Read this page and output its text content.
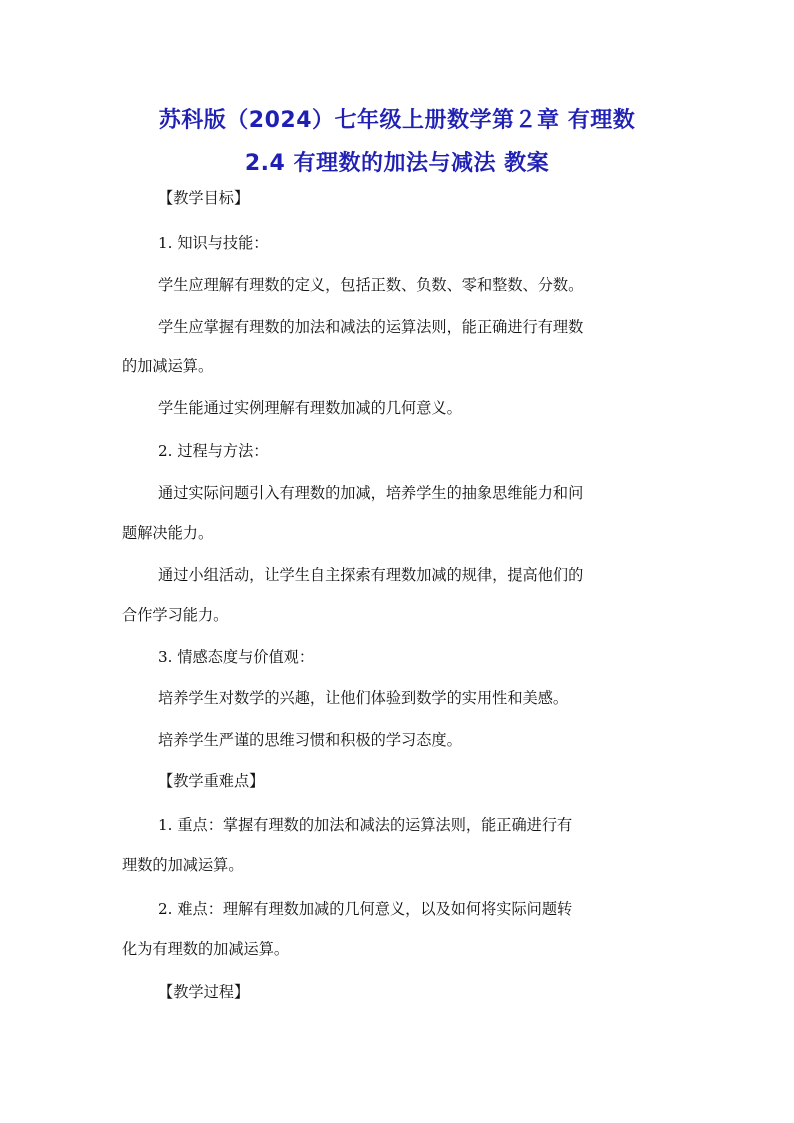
苏科版（2024）七年级上册数学第２章 有理数
2.4 有理数的加法与减法 教案
【教学目标】
1. 知识与技能：
学生应理解有理数的定义，包括正数、负数、零和整数、分数。
学生应掌握有理数的加法和减法的运算法则，能正确进行有理数
的加减运算。
学生能通过实例理解有理数加减的几何意义。
2. 过程与方法：
通过实际问题引入有理数的加减，培养学生的抽象思维能力和问
题解决能力。
通过小组活动，让学生自主探索有理数加减的规律，提高他们的
合作学习能力。
3. 情感态度与价值观：
培养学生对数学的兴趣，让他们体验到数学的实用性和美感。
培养学生严谨的思维习惯和积极的学习态度。
【教学重难点】
1. 重点：掌握有理数的加法和减法的运算法则，能正确进行有
理数的加减运算。
2. 难点：理解有理数加减的几何意义，以及如何将实际问题转
化为有理数的加减运算。
【教学过程】
